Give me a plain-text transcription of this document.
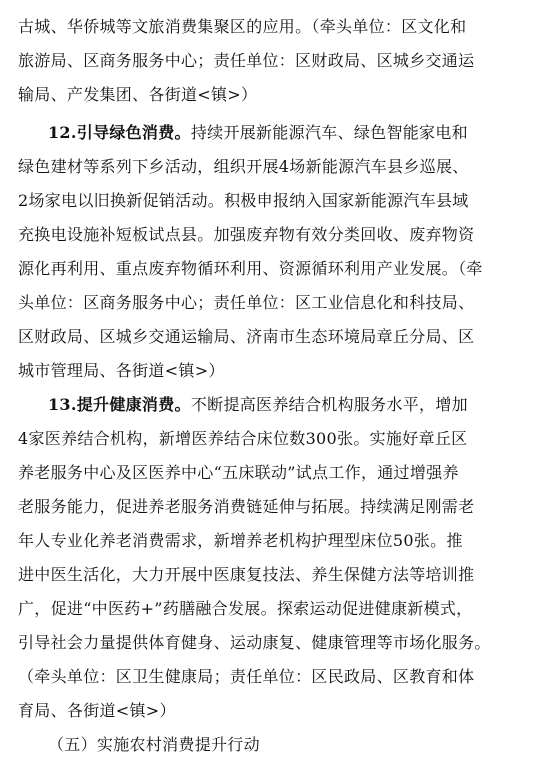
古城、华侨城等文旅消费集聚区的应用。（牵头单位：区文化和
旅游局、区商务服务中心；责任单位：区财政局、区城乡交通运
输局、产发集团、各街道<镇>）
12.引导绿色消费。持续开展新能源汽车、绿色智能家电和
绿色建材等系列下乡活动，组织开展4场新能源汽车县乡巡展、
2场家电以旧换新促销活动。积极申报纳入国家新能源汽车县域
充换电设施补短板试点县。加强废弃物有效分类回收、废弃物资
源化再利用、重点废弃物循环利用、资源循环利用产业发展。（牵
头单位：区商务服务中心；责任单位：区工业信息化和科技局、
区财政局、区城乡交通运输局、济南市生态环境局章丘分局、区
城市管理局、各街道<镇>）
13.提升健康消费。不断提高医养结合机构服务水平，增加
4家医养结合机构，新增医养结合床位数300张。实施好章丘区
养老服务中心及区医养中心“五床联动”试点工作，通过增强养
老服务能力，促进养老服务消费链延伸与拓展。持续满足刚需老
年人专业化养老消费需求，新增养老机构护理型床位50张。推
进中医生活化，大力开展中医康复技法、养生保健方法等培训推
广，促进“中医药+”药膳融合发展。探索运动促进健康新模式，
引导社会力量提供体育健身、运动康复、健康管理等市场化服务。
（牵头单位：区卫生健康局；责任单位：区民政局、区教育和体
育局、各街道<镇>）
（五）实施农村消费提升行动
